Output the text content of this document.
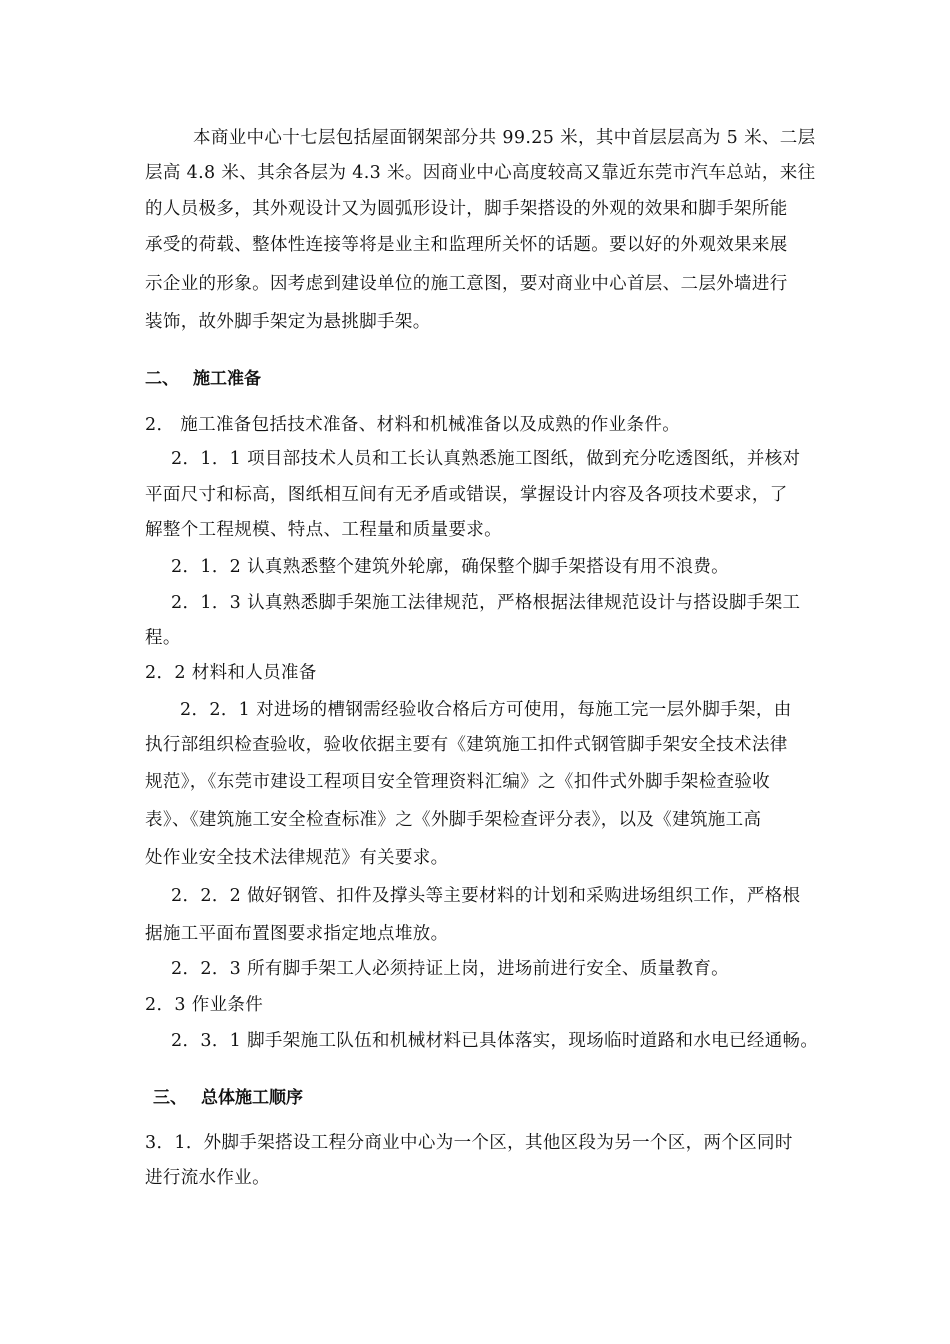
本商业中心十七层包括屋面钢架部分共 99.25 米，其中首层层高为 5 米、二层
层高 4.8 米、其余各层为 4.3 米。因商业中心高度较高又靠近东莞市汽车总站，来往
的人员极多，其外观设计又为圆弧形设计，脚手架搭设的外观的效果和脚手架所能
承受的荷载、整体性连接等将是业主和监理所关怀的话题。要以好的外观效果来展
示企业的形象。因考虑到建设单位的施工意图，要对商业中心首层、二层外墙进行
装饰，故外脚手架定为悬挑脚手架。
二、 施工准备
2． 施工准备包括技术准备、材料和机械准备以及成熟的作业条件。
2．1．1 项目部技术人员和工长认真熟悉施工图纸，做到充分吃透图纸，并核对
平面尺寸和标高，图纸相互间有无矛盾或错误，掌握设计内容及各项技术要求，了
解整个工程规模、特点、工程量和质量要求。
2．1．2 认真熟悉整个建筑外轮廓，确保整个脚手架搭设有用不浪费。
2．1．3 认真熟悉脚手架施工法律规范，严格根据法律规范设计与搭设脚手架工
程。
2．2 材料和人员准备
2．2．1 对进场的槽钢需经验收合格后方可使用，每施工完一层外脚手架，由
执行部组织检查验收，验收依据主要有《建筑施工扣件式钢管脚手架安全技术法律
规范》，《东莞市建设工程项目安全管理资料汇编》之《扣件式外脚手架检查验收
表》、《建筑施工安全检查标准》之《外脚手架检查评分表》，以及《建筑施工高
处作业安全技术法律规范》有关要求。
2．2．2 做好钢管、扣件及撑头等主要材料的计划和采购进场组织工作，严格根
据施工平面布置图要求指定地点堆放。
2．2．3 所有脚手架工人必须持证上岗，进场前进行安全、质量教育。
2．3 作业条件
2．3．1 脚手架施工队伍和机械材料已具体落实，现场临时道路和水电已经通畅。
三、 总体施工顺序
3．1．外脚手架搭设工程分商业中心为一个区，其他区段为另一个区，两个区同时
进行流水作业。
